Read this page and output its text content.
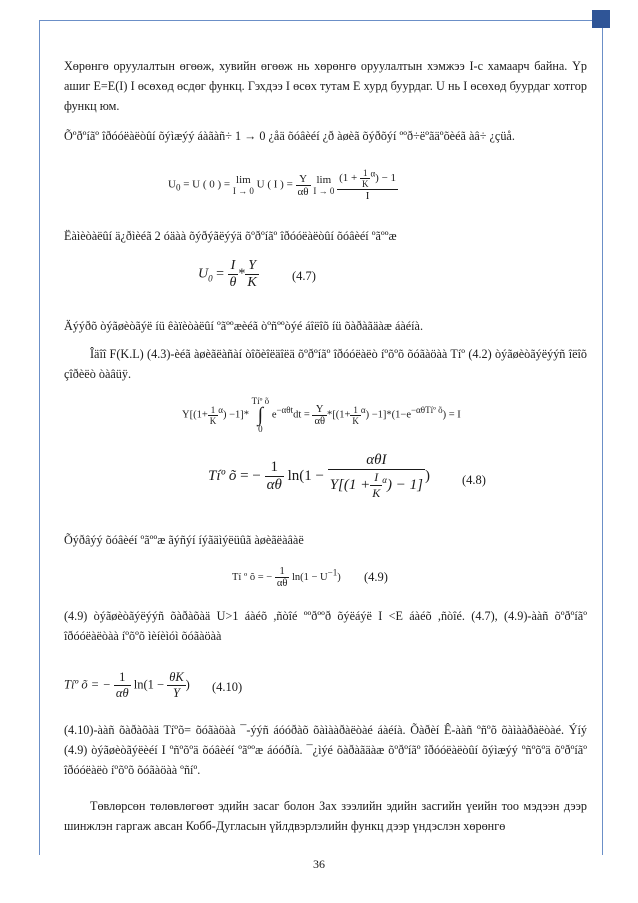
Хөрөнгө оруулалтын өгөөж, хувийн өгөөж нь хөрөнгө оруулалтын хэмжээ I-с хамаарч байна. Үр ашиг E=E(I) I өсөхөд өсдөг функц. Гэхдээ I өсөх тутам E хурд буурдаг. U нь I өсөхөд буурдаг хотгор функц юм.
Õºðºíãº îðóóëàëòûí õýìæýý áàãàñ÷ 1 → 0 ¿åä õóâèéí ¿ð àøèã õýðõýí ººð÷ëºãäºõèéã àâ÷ ¿çüå.
$U_0 = U$ ( 0 ) = lim
I → 0
U ( I ) = $\frac{Y}{\alpha\theta}$ lim
I → 0
$\frac{(1 + \frac{1}{K} ^\alpha) - 1}{I}$
Ëàìèòàëûí ä¿ðìèéã 2 óäàà õýðýãëýýä õºðºíãº îðóóëàëòûí õóâèéí ºãººæ
$U_0 = \frac{I}{\theta} * \frac{Y}{K}$	(4.7)
Äýýðõ òýãøèòãýë íü êàïèòàëûí ºãººæèéã òºñººòýé áîëîõ íü õàðàãäàæ áàéíà.
Îäîî F(K.L) (4.3)-èéã àøèãëàñàí òîõèîëäîëä õºðºíãº îðóóëàëò íºõºõ õóãàöàà Tíº (4.2) òýãøèòãýëýýñ îëîõ çîðèëò òàâüÿ.
$Y[(1+ \frac{1}{K} ^\alpha) -1]*$
Tíº õ
∫
0
$e^{-\alpha\theta t}dt = \frac{Y}{\alpha\theta} *[(1+ \frac{1}{K} ^\alpha) -1]*(1-e^{-\alpha\theta Tíº õ}) = I$
Tíº õ = − $\frac{1}{\alpha\theta} \ln(1 - \frac{\text{αθI}}{Y[(1 + \frac{I}{K} ^\alpha) - 1]}$ )	(4.8)
Õýðâýý õóâèéí ºãººæ ãýñýí íýãäìýëüûã àøèãëàâàë
Tí º õ = − $\frac{1}{\alpha\theta} \ln(1 - U^{-1})$ (4.9)
(4.9) òýãøèòãýëýýñ õàðàõàä U>1 áàéõ ,ñòîé ººðººð õýëáýë I <E áàéõ ,ñòîé. (4.7), (4.9)-ààñ õºðºíãº îðóóëàëòàà íºõºõ ìèíèìóì õóãàöàà
Tíº õ = − $\frac{1}{\alpha\theta} \ln(1 - \frac{\theta K}{Y}$ ) (4.10)
(4.10)-ààñ õàðàõàä Tíºõ= õóãàöàà ¯-ýýñ áóóðàõ õàìààðàëòàé áàéíà. Õàðèí Ê-ààñ ºñºõ õàìààðàëòàé. Ýíý (4.9) òýãøèòãýëèéí I ºñºõºä õóâèéí ºãººæ áóóðíà. ¯¿ìýé õàðàãäàæ õºðºíãº îðóóëàëòûí õýìæýý ºñºõºä õºðºíãº îðóóëàëò íºõºõ õóãàöàà ºñíº.
Төвлөрсөн төлөвлөгөөт эдийн засаг болон Зах зээлийн эдийн засгийн үеийн тоо мэдээн дээр шинжлэн гаргаж авсан Кобб-Дугласын үйлдвэрлэлийн функц дээр үндэслэн хөрөнгө
36
